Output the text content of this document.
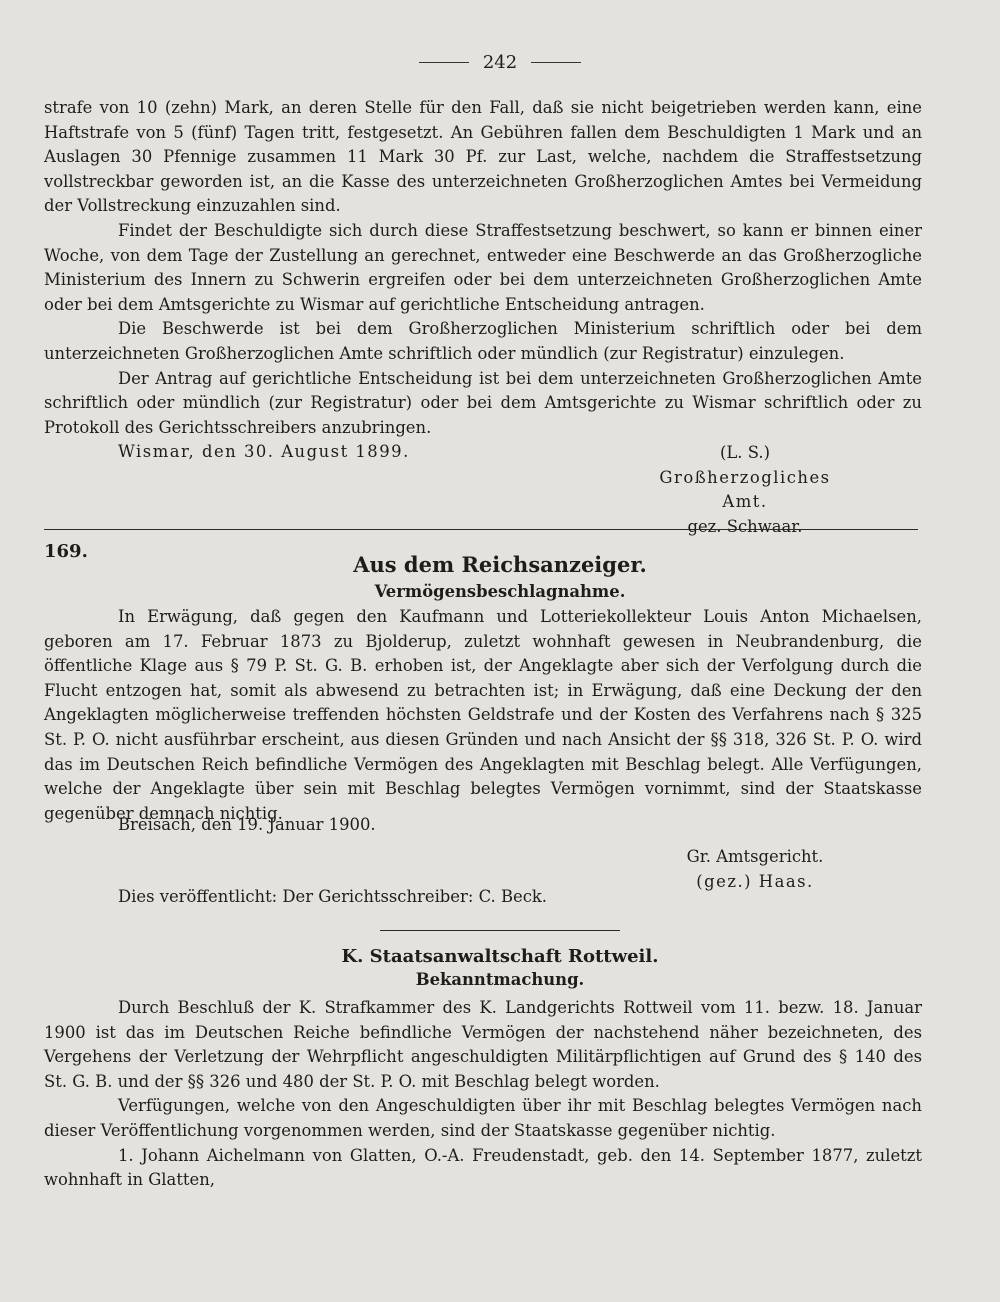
242

strafe von 10 (zehn) Mark, an deren Stelle für den Fall, daß sie nicht beigetrieben werden kann, eine Haftstrafe von 5 (fünf) Tagen tritt, festgesetzt. An Gebühren fallen dem Beschuldigten 1 Mark und an Auslagen 30 Pfennige zusammen 11 Mark 30 Pf. zur Last, welche, nachdem die Straffestsetzung vollstreckbar geworden ist, an die Kasse des unterzeichneten Großherzoglichen Amtes bei Vermeidung der Vollstreckung einzuzahlen sind.

Findet der Beschuldigte sich durch diese Straffestsetzung beschwert, so kann er binnen einer Woche, von dem Tage der Zustellung an gerechnet, entweder eine Beschwerde an das Großherzogliche Ministerium des Innern zu Schwerin ergreifen oder bei dem unterzeichneten Großherzoglichen Amte oder bei dem Amtsgerichte zu Wismar auf gerichtliche Entscheidung antragen.

Die Beschwerde ist bei dem Großherzoglichen Ministerium schriftlich oder bei dem unterzeichneten Großherzoglichen Amte schriftlich oder mündlich (zur Registratur) einzulegen.

Der Antrag auf gerichtliche Entscheidung ist bei dem unterzeichneten Großherzoglichen Amte schriftlich oder mündlich (zur Registratur) oder bei dem Amtsgerichte zu Wismar schriftlich oder zu Protokoll des Gerichtsschreibers anzubringen.

Wismar, den 30. August 1899.	(L. S.)
Großherzogliches Amt.
gez. Schwaar.
169.
Aus dem Reichsanzeiger.
Vermögensbeschlagnahme.

In Erwägung, daß gegen den Kaufmann und Lotteriekollekteur Louis Anton Michaelsen, geboren am 17. Februar 1873 zu Bjolderup, zuletzt wohnhaft gewesen in Neubrandenburg, die öffentliche Klage aus § 79 P. St. G. B. erhoben ist, der Angeklagte aber sich der Verfolgung durch die Flucht entzogen hat, somit als abwesend zu betrachten ist; in Erwägung, daß eine Deckung der den Angeklagten möglicherweise treffenden höchsten Geldstrafe und der Kosten des Verfahrens nach § 325 St. P. O. nicht ausführbar erscheint, aus diesen Gründen und nach Ansicht der §§ 318, 326 St. P. O. wird das im Deutschen Reich befindliche Vermögen des Angeklagten mit Beschlag belegt. Alle Verfügungen, welche der Angeklagte über sein mit Beschlag belegtes Vermögen vornimmt, sind der Staatskasse gegenüber demnach nichtig.

Breisach, den 19. Januar 1900.

Gr. Amtsgericht.
(gez.) Haas.

Dies veröffentlicht: Der Gerichtsschreiber: C. Beck.

K. Staatsanwaltschaft Rottweil.
Bekanntmachung.

Durch Beschluß der K. Strafkammer des K. Landgerichts Rottweil vom 11. bezw. 18. Januar 1900 ist das im Deutschen Reiche befindliche Vermögen der nachstehend näher bezeichneten, des Vergehens der Verletzung der Wehrpflicht angeschuldigten Militärpflichtigen auf Grund des § 140 des St. G. B. und der §§ 326 und 480 der St. P. O. mit Beschlag belegt worden.

Verfügungen, welche von den Angeschuldigten über ihr mit Beschlag belegtes Vermögen nach dieser Veröffentlichung vorgenommen werden, sind der Staatskasse gegenüber nichtig.

1. Johann Aichelmann von Glatten, O.-A. Freudenstadt, geb. den 14. September 1877, zuletzt wohnhaft in Glatten,
